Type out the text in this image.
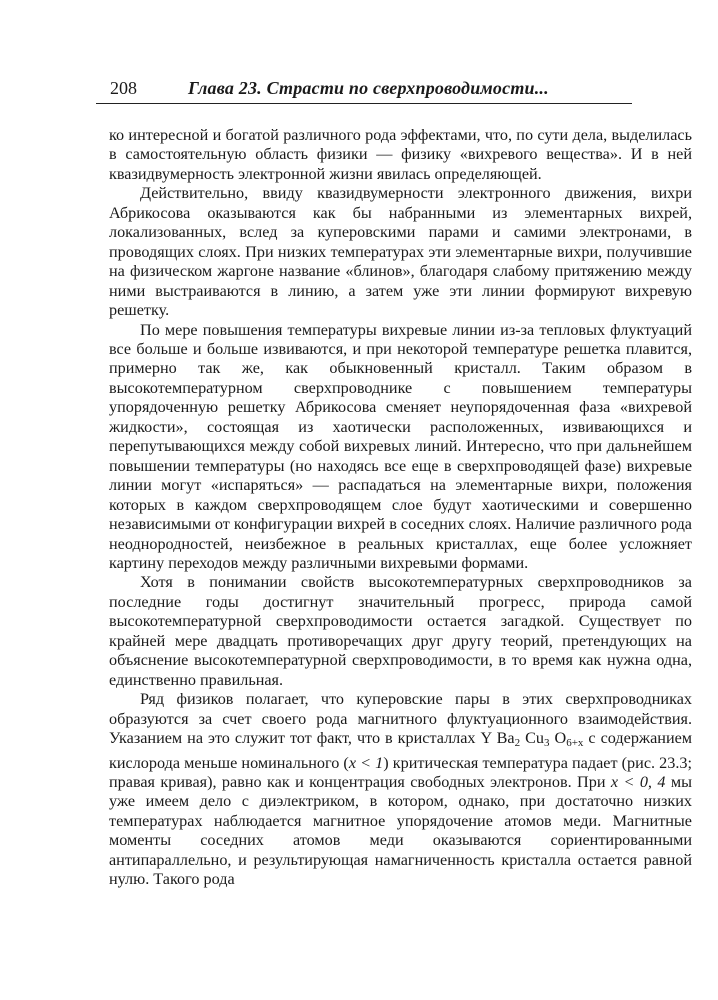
208	Глава 23. Страсти по сверхпроводимости...

ко интересной и богатой различного рода эффектами, что, по сути дела, выделилась в самостоятельную область физики — физику «вихревого вещества». И в ней квазидвумерность электронной жизни явилась определяющей.

Действительно, ввиду квазидвумерности электронного движения, вихри Абрикосова оказываются как бы набранными из элементарных вихрей, локализованных, вслед за куперовскими парами и самими электронами, в проводящих слоях. При низких температурах эти элементарные вихри, получившие на физическом жаргоне название «блинов», благодаря слабому притяжению между ними выстраиваются в линию, а затем уже эти линии формируют вихревую решетку.

По мере повышения температуры вихревые линии из-за тепловых флуктуаций все больше и больше извиваются, и при некоторой температуре решетка плавится, примерно так же, как обыкновенный кристалл. Таким образом в высокотемпературном сверхпроводнике с повышением температуры упорядоченную решетку Абрикосова сменяет неупорядоченная фаза «вихревой жидкости», состоящая из хаотически расположенных, извивающихся и перепутывающихся между собой вихревых линий. Интересно, что при дальнейшем повышении температуры (но находясь все еще в сверхпроводящей фазе) вихревые линии могут «испаряться» — распадаться на элементарные вихри, положения которых в каждом сверхпроводящем слое будут хаотическими и совершенно независимыми от конфигурации вихрей в соседних слоях. Наличие различного рода неоднородностей, неизбежное в реальных кристаллах, еще более усложняет картину переходов между различными вихревыми формами.

Хотя в понимании свойств высокотемпературных сверхпроводников за последние годы достигнут значительный прогресс, природа самой высокотемпературной сверхпроводимости остается загадкой. Существует по крайней мере двадцать противоречащих друг другу теорий, претендующих на объяснение высокотемпературной сверхпроводимости, в то время как нужна одна, единственно правильная.

Ряд физиков полагает, что куперовские пары в этих сверхпроводниках образуются за счет своего рода магнитного флуктуационного взаимодействия. Указанием на это служит тот факт, что в кристаллах Y $Ba_2$ $Cu_3$ $O_{6+x}$ с содержанием кислорода меньше номинального (x < 1) критическая температура падает (рис. 23.3; правая кривая), равно как и концентрация свободных электронов. При x < 0, 4 мы уже имеем дело с диэлектриком, в котором, однако, при достаточно низких температурах наблюдается магнитное упорядочение атомов меди. Магнитные моменты соседних атомов меди оказываются сориентированными антипараллельно, и результирующая намагниченность кристалла остается равной нулю. Такого рода
